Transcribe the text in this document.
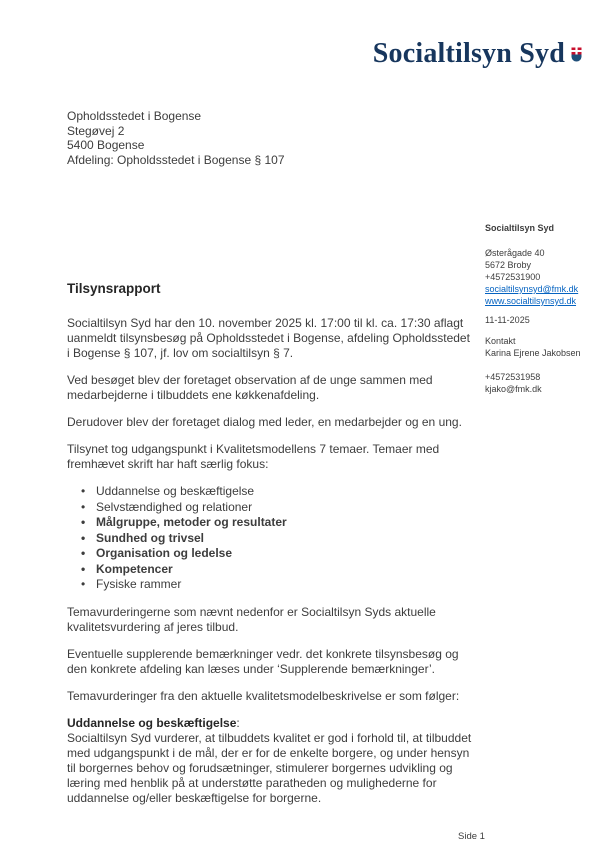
Socialtilsyn Syd
Opholdsstedet i Bogense
Stegøvej 2
5400 Bogense
Afdeling: Opholdsstedet i Bogense § 107
Socialtilsyn Syd
Østerågade 40
5672 Broby
+4572531900
socialtilsynsyd@fmk.dk
www.socialtilsynsyd.dk
11-11-2025
Kontakt
Karina Ejrene Jakobsen
+4572531958
kjako@fmk.dk
Tilsynsrapport

Socialtilsyn Syd har den 10. november 2025 kl. 17:00 til kl. ca. 17:30 aflagt uanmeldt tilsynsbesøg på Opholdsstedet i Bogense, afdeling Opholdsstedet i Bogense § 107, jf. lov om socialtilsyn § 7.

Ved besøget blev der foretaget observation af de unge sammen med medarbejderne i tilbuddets ene køkkenafdeling.

Derudover blev der foretaget dialog med leder, en medarbejder og en ung.

Tilsynet tog udgangspunkt i Kvalitetsmodellens 7 temaer. Temaer med fremhævet skrift har haft særlig fokus:

• Uddannelse og beskæftigelse
• Selvstændighed og relationer
• Målgruppe, metoder og resultater
• Sundhed og trivsel
• Organisation og ledelse
• Kompetencer
• Fysiske rammer

Temavurderingerne som nævnt nedenfor er Socialtilsyn Syds aktuelle kvalitetsvurdering af jeres tilbud.

Eventuelle supplerende bemærkninger vedr. det konkrete tilsynsbesøg og den konkrete afdeling kan læses under ‘Supplerende bemærkninger’.

Temavurderinger fra den aktuelle kvalitetsmodelbeskrivelse er som følger:

Uddannelse og beskæftigelse:
Socialtilsyn Syd vurderer, at tilbuddets kvalitet er god i forhold til, at tilbuddet med udgangspunkt i de mål, der er for de enkelte borgere, og under hensyn til borgernes behov og forudsætninger, stimulerer borgernes udvikling og læring med henblik på at understøtte paratheden og mulighederne for uddannelse og/eller beskæftigelse for borgerne.
Side 1
